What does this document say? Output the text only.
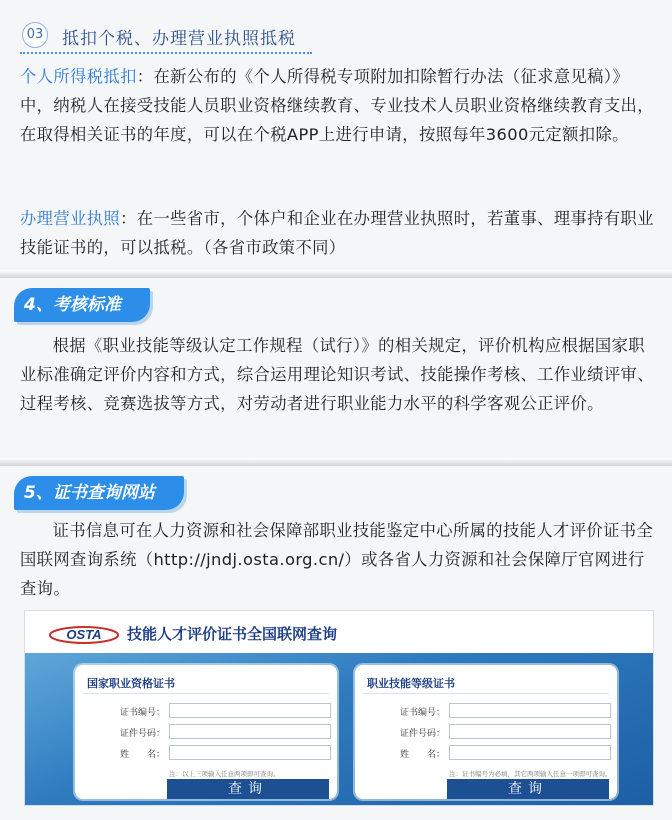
03 抵扣个税、办理营业执照抵税

个人所得税抵扣：在新公布的《个人所得税专项附加扣除暂行办法（征求意见稿）》中，纳税人在接受技能人员职业资格继续教育、专业技术人员职业资格继续教育支出，在取得相关证书的年度，可以在个税APP上进行申请，按照每年3600元定额扣除。

办理营业执照：在一些省市，个体户和企业在办理营业执照时，若董事、理事持有职业技能证书的，可以抵税。（各省市政策不同）

4、考核标准

根据《职业技能等级认定工作规程（试行）》的相关规定，评价机构应根据国家职业标准确定评价内容和方式，综合运用理论知识考试、技能操作考核、工作业绩评审、过程考核、竞赛选拔等方式，对劳动者进行职业能力水平的科学客观公正评价。

5、证书查询网站

证书信息可在人力资源和社会保障部职业技能鉴定中心所属的技能人才评价证书全国联网查询系统（http://jndj.osta.org.cn/）或各省人力资源和社会保障厅官网进行查询。

OSTA 技能人才评价证书全国联网查询
国家职业资格证书
证书编号：
证件号码：
姓　　名：
注：以上三项输入任意两项即可查询。
查询
职业技能等级证书
证书编号：
证件号码：
姓　　名：
注：证书编号为必填，其它两项输入任意一项即可查询。
查询
